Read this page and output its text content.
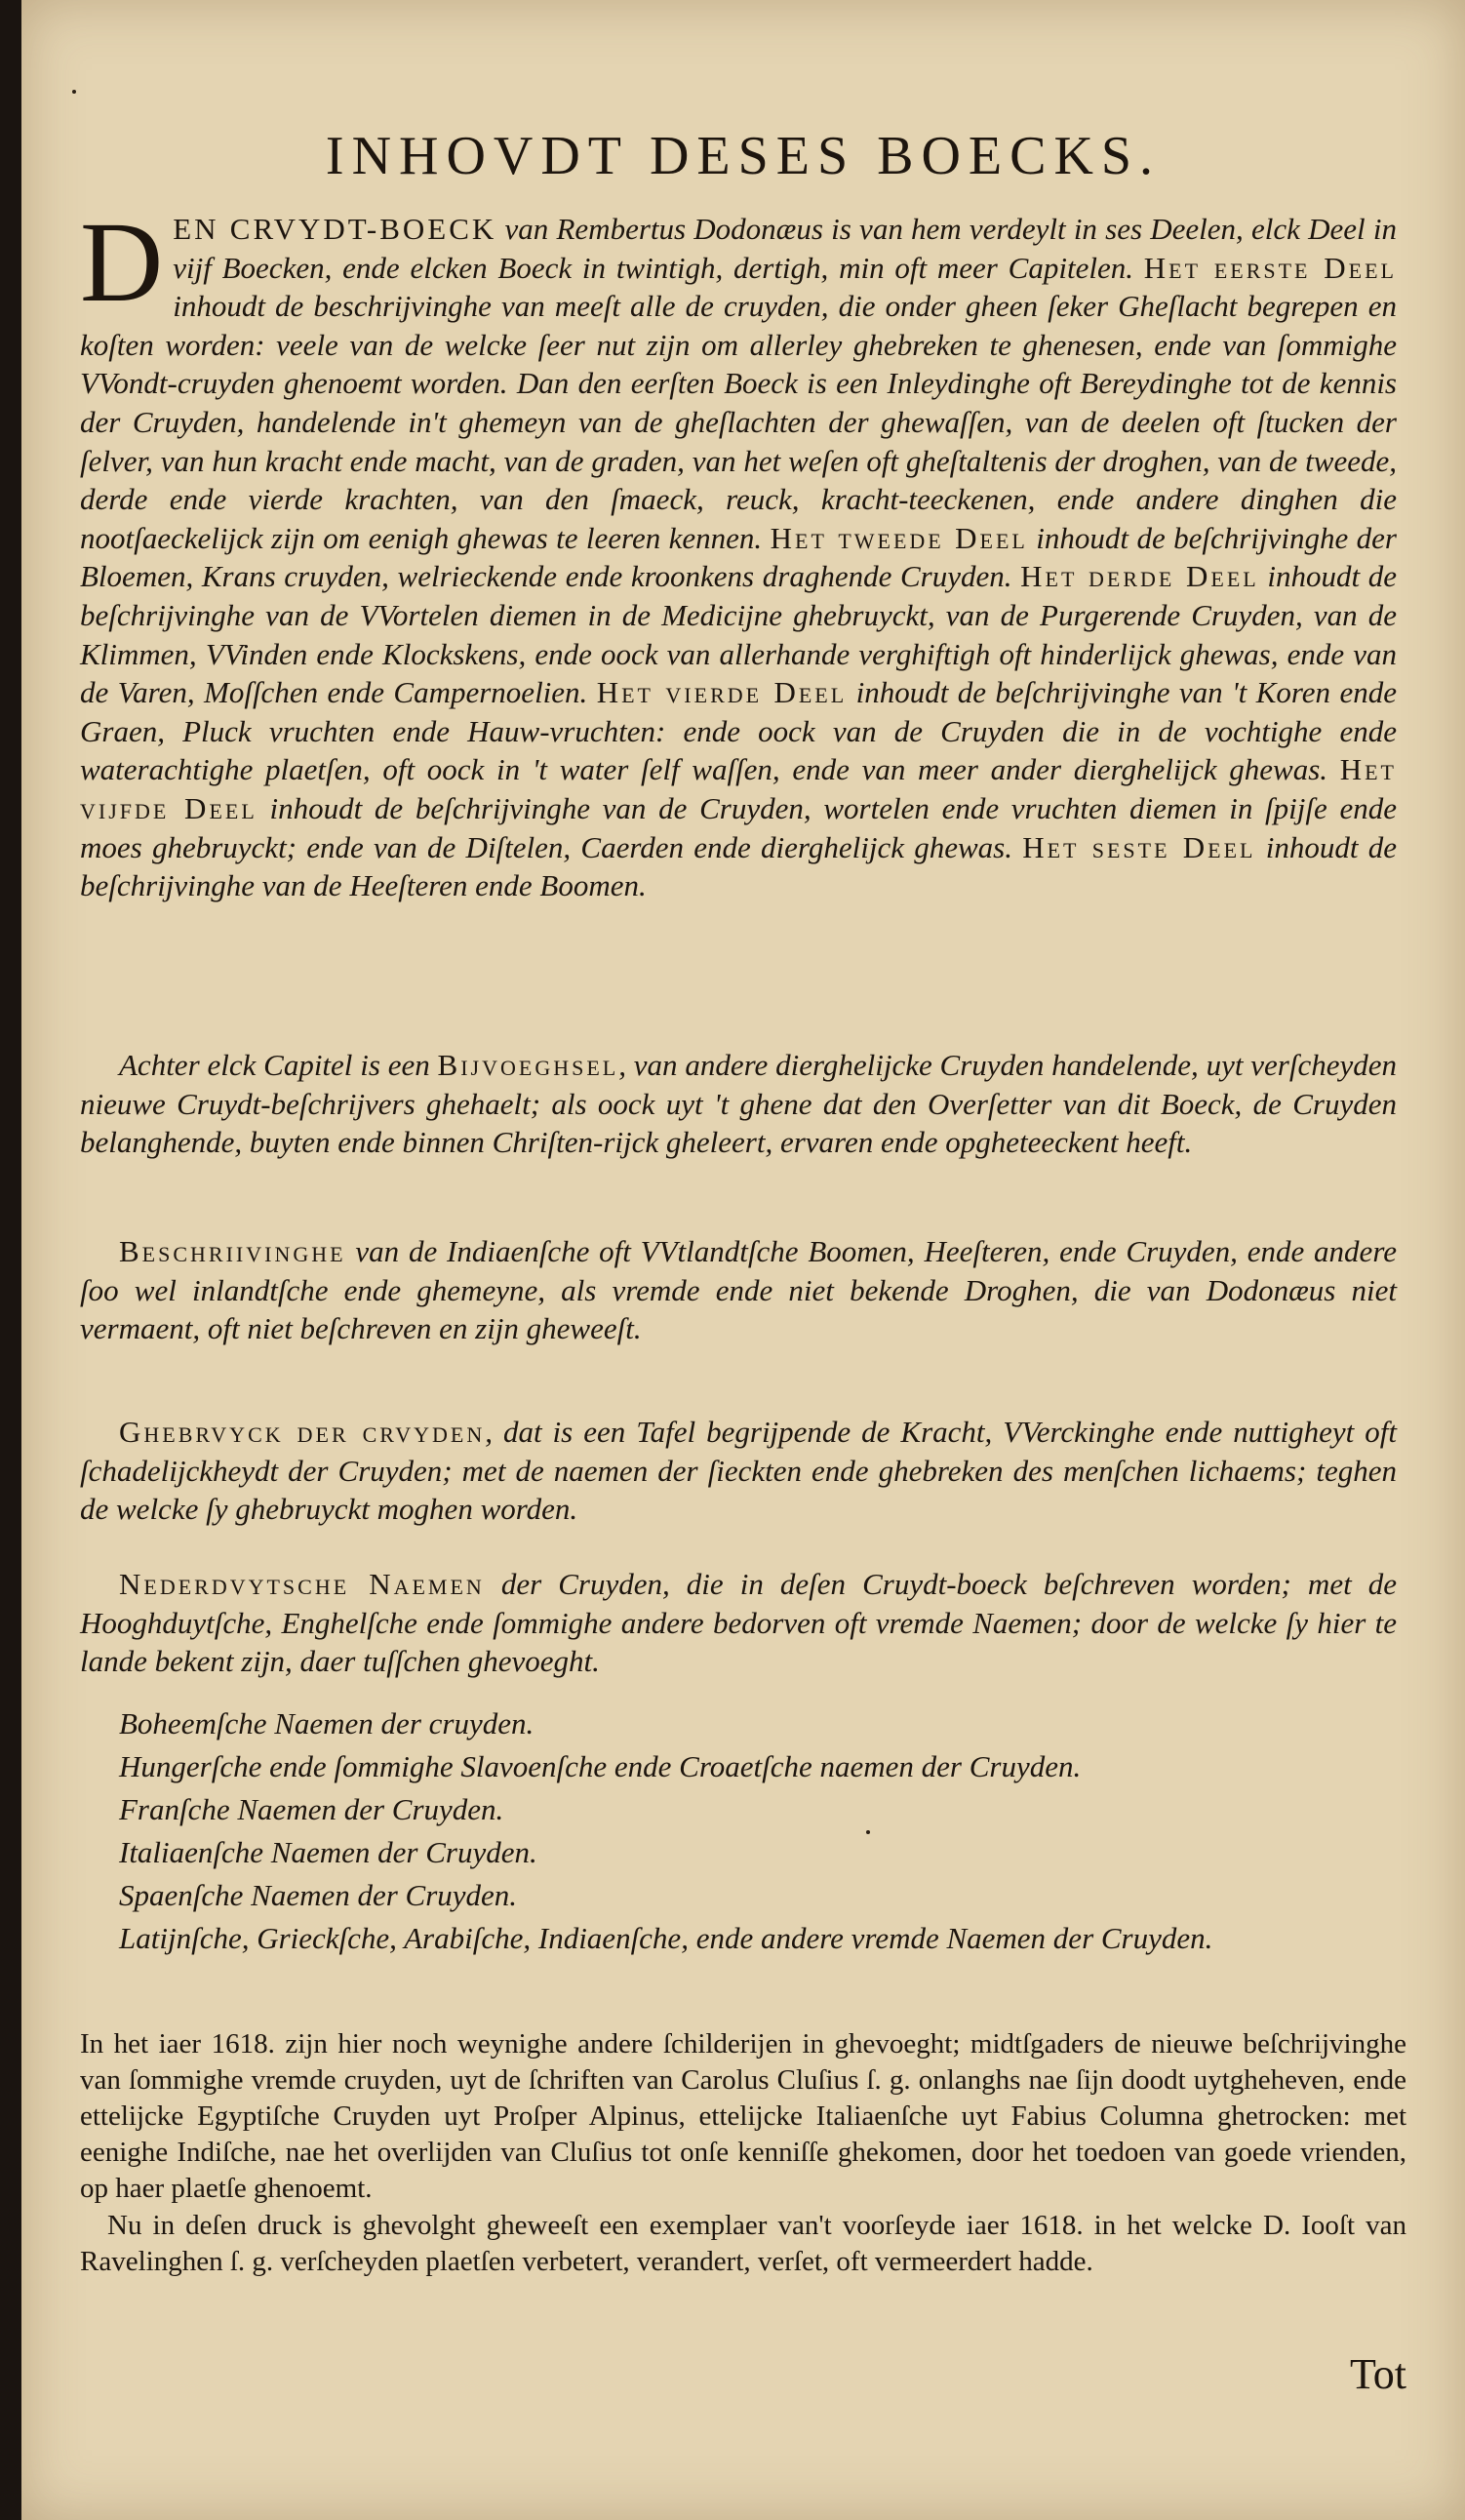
INHOVDT DESES BOECKS.

DEN CRVYDT-BOECK van Rembertus Dodonæus is van hem verdeylt in ses Deelen, elck Deel in vijf Boecken, ende elcken Boeck in twintigh, dertigh, min oft meer Capitelen. Het eerste Deel inhoudt de beschrijvinghe van meeſt alle de cruyden, die onder gheen ſeker Gheſlacht begrepen en koſten worden: veele van de welcke ſeer nut zijn om allerley ghebreken te ghenesen, ende van ſommighe VVondt-cruyden ghenoemt worden. Dan den eerſten Boeck is een Inleydinghe oft Bereydinghe tot de kennis der Cruyden, handelende in't ghemeyn van de gheſlachten der ghewaſſen, van de deelen oft ſtucken der ſelver, van hun kracht ende macht, van de graden, van het weſen oft gheſtaltenis der droghen, van de tweede, derde ende vierde krachten, van den ſmaeck, reuck, kracht-teeckenen, ende andere dinghen die nootſaeckelijck zijn om eenigh ghewas te leeren kennen. Het tweede Deel inhoudt de beſchrijvinghe der Bloemen, Krans cruyden, welrieckende ende kroonkens draghende Cruyden. Het derde Deel inhoudt de beſchrijvinghe van de VVortelen diemen in de Medicijne ghebruyckt, van de Purgerende Cruyden, van de Klimmen, VVinden ende Klockskens, ende oock van allerhande verghiftigh oft hinderlijck ghewas, ende van de Varen, Moſſchen ende Campernoelien. Het vierde Deel inhoudt de beſchrijvinghe van 't Koren ende Graen, Pluck vruchten ende Hauw-vruchten: ende oock van de Cruyden die in de vochtighe ende waterachtighe plaetſen, oft oock in 't water ſelf waſſen, ende van meer ander dierghelijck ghewas. Het vijfde Deel inhoudt de beſchrijvinghe van de Cruyden, wortelen ende vruchten diemen in ſpijſe ende moes ghebruyckt; ende van de Diſtelen, Caerden ende dierghelijck ghewas. Het seste Deel inhoudt de beſchrijvinghe van de Heeſteren ende Boomen.

Achter elck Capitel is een Bijvoeghsel, van andere dierghelijcke Cruyden handelende, uyt verſcheyden nieuwe Cruydt-beſchrijvers ghehaelt; als oock uyt 't ghene dat den Overſetter van dit Boeck, de Cruyden belanghende, buyten ende binnen Chriſten-rijck gheleert, ervaren ende opgheteeckent heeft.

Beschriivinghe van de Indiaenſche oft VVtlandtſche Boomen, Heeſteren, ende Cruyden, ende andere ſoo wel inlandtſche ende ghemeyne, als vremde ende niet bekende Droghen, die van Dodonæus niet vermaent, oft niet beſchreven en zijn gheweeſt.

Ghebrvyck der crvyden, dat is een Tafel begrijpende de Kracht, VVerckinghe ende nuttigheyt oft ſchadelijckheydt der Cruyden; met de naemen der ſieckten ende ghebreken des menſchen lichaems; teghen de welcke ſy ghebruyckt moghen worden.

Nederdvytsche Naemen der Cruyden, die in deſen Cruydt-boeck beſchreven worden; met de Hooghduytſche, Enghelſche ende ſommighe andere bedorven oft vremde Naemen; door de welcke ſy hier te lande bekent zijn, daer tuſſchen ghevoeght.

Boheemſche Naemen der cruyden.
Hungerſche ende ſommighe Slavoenſche ende Croaetſche naemen der Cruyden.
Franſche Naemen der Cruyden.
Italiaenſche Naemen der Cruyden.
Spaenſche Naemen der Cruyden.
Latijnſche, Grieckſche, Arabiſche, Indiaenſche, ende andere vremde Naemen der Cruyden.

In het iaer 1618. zijn hier noch weynighe andere ſchilderijen in ghevoeght; midtſgaders de nieuwe beſchrijvinghe van ſommighe vremde cruyden, uyt de ſchriften van Carolus Cluſius ſ. g. onlanghs nae ſijn doodt uytgheheven, ende ettelijcke Egyptiſche Cruyden uyt Proſper Alpinus, ettelijcke Italiaenſche uyt Fabius Columna ghetrocken: met eenighe Indiſche, nae het overlijden van Cluſius tot onſe kenniſſe ghekomen, door het toedoen van goede vrienden, op haer plaetſe ghenoemt.

Nu in deſen druck is ghevolght gheweeſt een exemplaer van't voorſeyde iaer 1618. in het welcke D. Iooſt van Ravelinghen ſ. g. verſcheyden plaetſen verbetert, verandert, verſet, oft vermeerdert hadde.

Tot
